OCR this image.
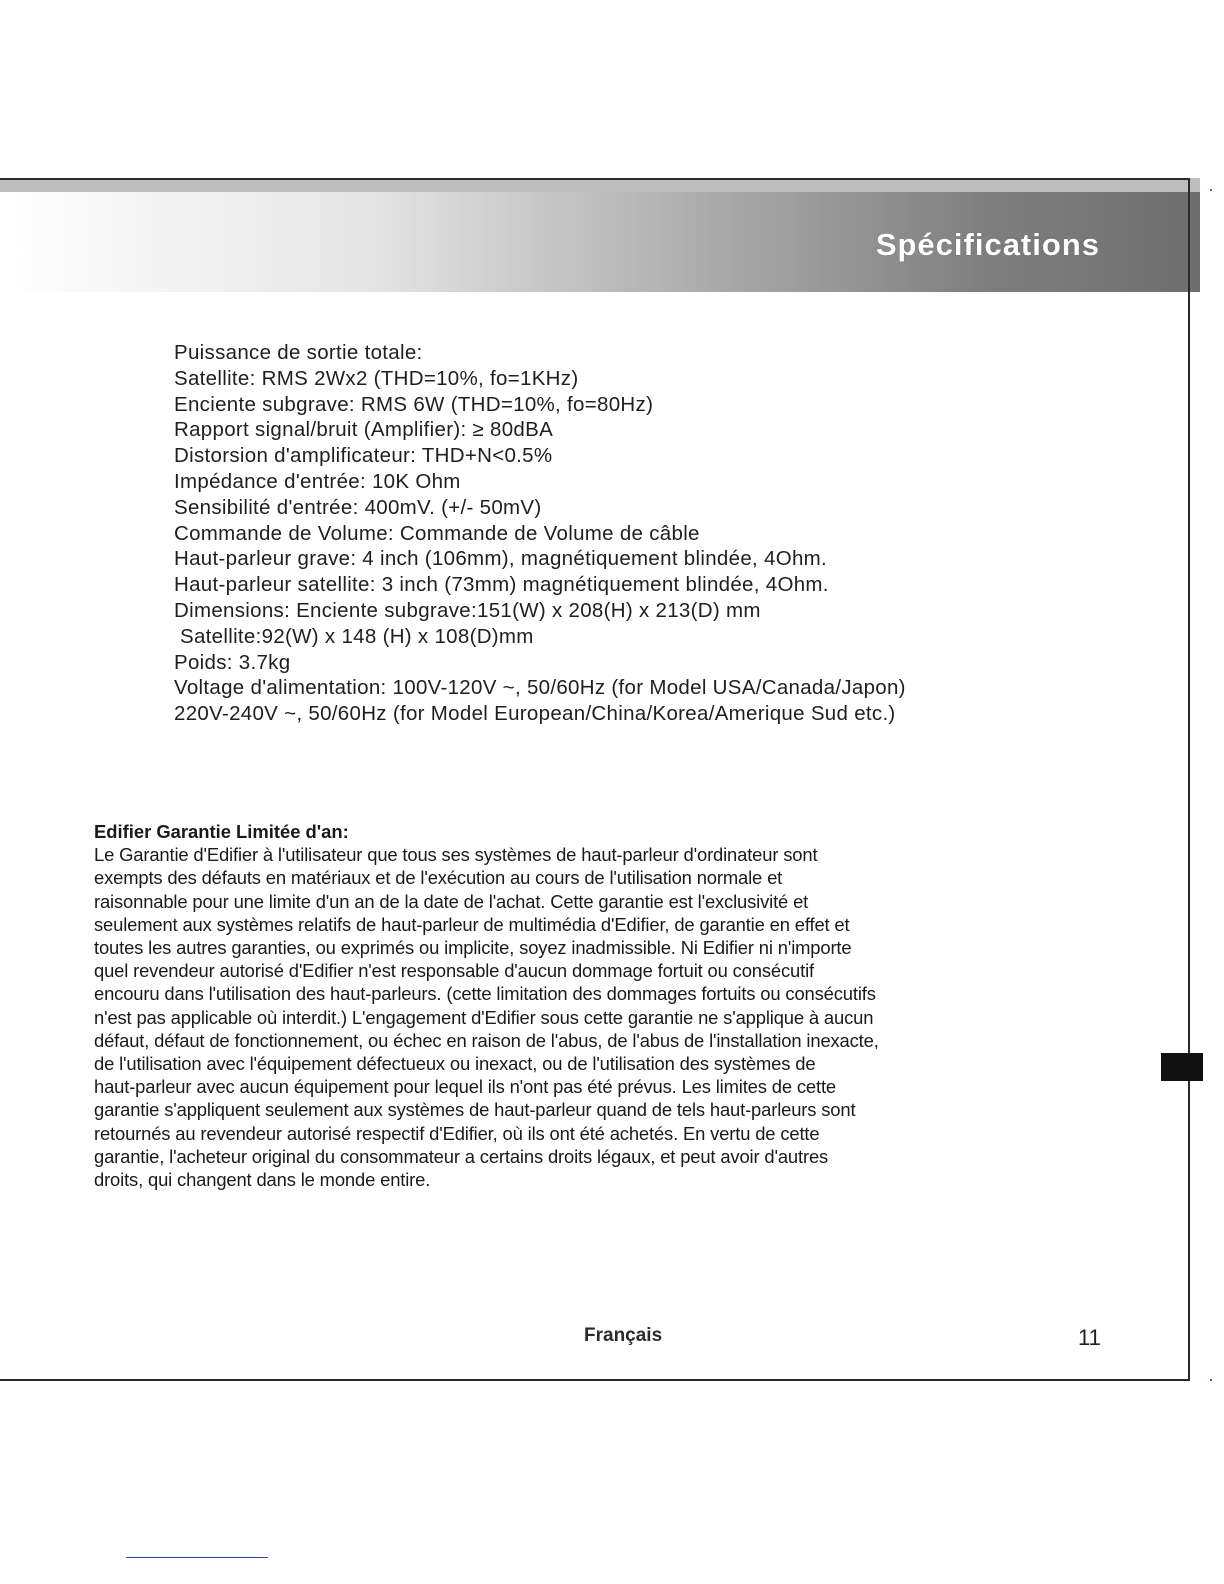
Spécifications
Puissance de sortie totale:
Satellite: RMS 2Wx2 (THD=10%, fo=1KHz)
Enciente subgrave: RMS 6W (THD=10%, fo=80Hz)
Rapport signal/bruit (Amplifier): ≥ 80dBA
Distorsion d'amplificateur: THD+N<0.5%
Impédance d'entrée: 10K Ohm
Sensibilité d'entrée: 400mV. (+/- 50mV)
Commande de Volume: Commande de Volume de câble
Haut-parleur grave: 4 inch (106mm), magnétiquement blindée, 4Ohm.
Haut-parleur satellite: 3 inch (73mm) magnétiquement blindée, 4Ohm.
Dimensions: Enciente subgrave:151(W) x 208(H) x 213(D) mm
Satellite:92(W) x 148 (H) x 108(D)mm
Poids: 3.7kg
Voltage d'alimentation: 100V-120V ~, 50/60Hz (for Model USA/Canada/Japon)
220V-240V ~, 50/60Hz (for Model European/China/Korea/Amerique Sud etc.)
Edifier Garantie Limitée d'an:
Le Garantie d'Edifier à l'utilisateur que tous ses systèmes de haut-parleur d'ordinateur sont
exempts des défauts en matériaux et de l'exécution au cours de l'utilisation normale et
raisonnable pour une limite d'un an de la date de l'achat. Cette garantie est l'exclusivité et
seulement aux systèmes relatifs de haut-parleur de multimédia d'Edifier, de garantie en effet et
toutes les autres garanties, ou exprimés ou implicite, soyez inadmissible. Ni Edifier ni n'importe
quel revendeur autorisé d'Edifier n'est responsable d'aucun dommage fortuit ou consécutif
encouru dans l'utilisation des haut-parleurs. (cette limitation des dommages fortuits ou consécutifs
n'est pas applicable où interdit.) L'engagement d'Edifier sous cette garantie ne s'applique à aucun
défaut, défaut de fonctionnement, ou échec en raison de l'abus, de l'abus de l'installation inexacte,
de l'utilisation avec l'équipement défectueux ou inexact, ou de l'utilisation des systèmes de
haut-parleur avec aucun équipement pour lequel ils n'ont pas été prévus. Les limites de cette
garantie s'appliquent seulement aux systèmes de haut-parleur quand de tels haut-parleurs sont
retournés au revendeur autorisé respectif d'Edifier, où ils ont été achetés. En vertu de cette
garantie, l'acheteur original du consommateur a certains droits légaux, et peut avoir d'autres
droits, qui changent dans le monde entire.
Français	11
